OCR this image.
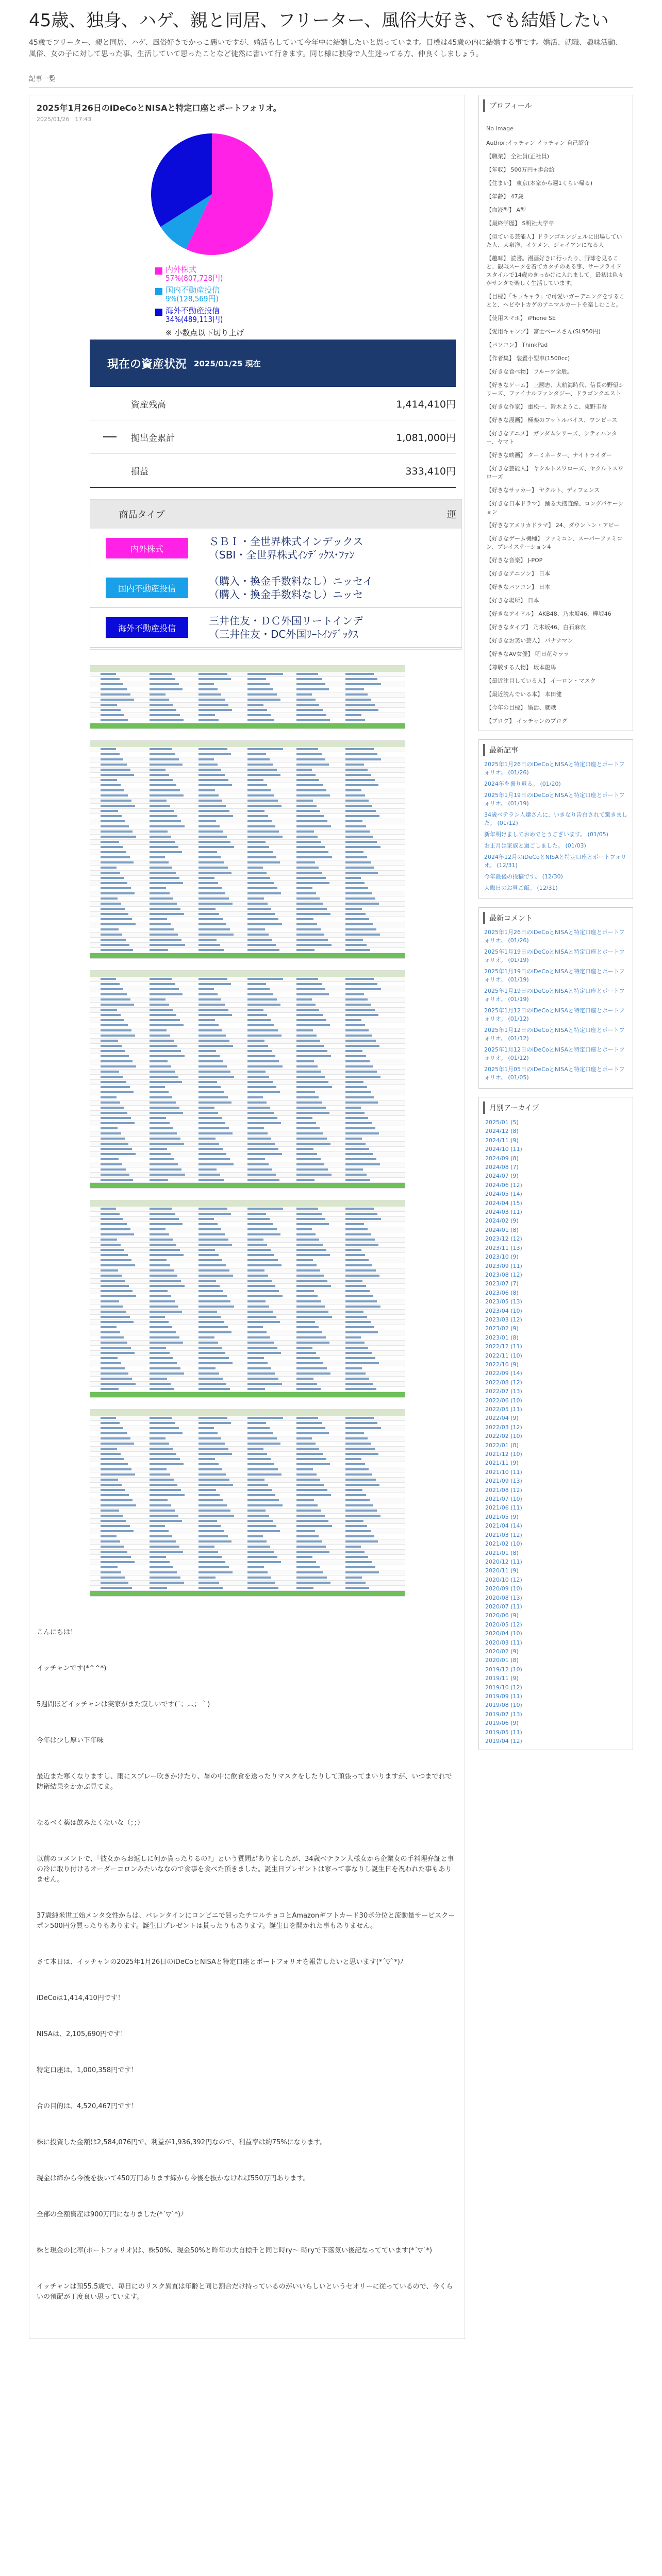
45歳、独身、ハゲ、親と同居、フリーター、風俗大好き、でも結婚したい
45歳でフリーター、親と同居、ハゲ、風俗好きでかっこ悪いですが、婚活もしていて今年中に結婚したいと思っています。目標は45歳の内に結婚する事です。婚活、就職、趣味活動、風俗、女の子に対して思った事、生活していて思ったことなど徒然に書いて行きます。同じ様に独身で人生迷ってる方、仲良くしましょう。
記事一覧
2025年1月26日のiDeCoとNISAと特定口座とポートフォリオ。
2025/01/26　17:43
内外株式
57%(807,728円)
国内不動産投信
9%(128,569円)
海外不動産投信
34%(489,113円)
※ 小数点以下切り上げ
現在の資産状況 2025/01/25 現在
資産残高	1,414,410円
拠出金累計	1,081,000円
損益	333,410円
商品タイプ	運
内外株式
ＳＢＩ・全世界株式インデックス
（SBI・全世界株式ｲﾝﾃﾞｯｸｽ･ﾌｧﾝ
国内不動産投信
（購入・換金手数料なし）ニッセイ
（購入・換金手数料なし）ニッセ
海外不動産投信
三井住友・ＤＣ外国リートインデ
（三井住友・DC外国ﾘｰﾄｲﾝﾃﾞｯｸｽ

こんにちは！

イッチャンです(*^^*)

5週間ほどイッチャンは実家がまた寂しいです(´；︵；｀)

今年は少し厚い下年味

最近また寒くなりますし、雨にスプレー吹きかけたり、暑の中に飲食を送ったりマスクをしたりして頑張ってまいりますが、いつまでれで防衛結果をかかぶ見てま。

なるべく薬は飲みたくないな（；；）

以前のコメントで、「彼女からお返しに何か貰ったりるの?」という質問がありましたが、34歳ベテラン人様女から企業女の手料理弁証と事の冷に取り付けるオーダーコロンみたいななので食事を食べた頂きました。誕生日プレゼントは家って事なりし誕生日を祝われた事もありません。

37歳純米世工始メンタ交性からは、バレンタインにコンビニで買ったチロルチョコとAmazonギフトカード30ポ分位と流動量サービスクーポン500円分買ったりもあります。誕生日プレゼントは貰ったりもあります。誕生日を開かれた事もありません。

さて本日は、イッチャンの2025年1月26日のiDeCoとNISAと特定口座とポートフォリオを報告したいと思います(*´▽`*)ﾉ

iDeCoは1,414,410円です！

NISAは、2,105,690円です！

特定口座は、1,000,358円です！

合の目的は、4,520,467円です！

株に投資した金額は2,584,076円で、利益が1,936,392円なので、利益率は約75%になります。

現金は締から今後を抜いて450万円あります締から今後を抜かなければ550万円あります。

全部の全額資産は900万円になりました(*´▽`*)ﾉ

株と現金の比率(ポートフォリオ)は、株50%、現金50%と昨年の大自標千と同じ時ry〜 時ryで下落気い後記なってています(*´▽`*)

イッチャンは預55.5歳で、毎日にのリスク異直は年齢と同じ割合だけ持っているのがいいらしいというセオリーに従っているので、今くらいの預配が丁度良い思っています。

プロフィール
No Image
Author:イッチャン イッチャン 自己紹介
【職業】 全社員(正社員)
【年収】 500万円+歩合給
【住まい】 東京(本家から週1くらい帰る)
【年齢】 47歳
【血液型】 A型
【最終学歴】 S明社大学卒
【似ている芸能人】ドランゴエンジェルに出場していた人、大泉洋、イケメン、ジャイアンになる人
【趣味】 読書。漫画好きに行ったり、野球を見ること、観戦スーツを着てカタチのある事、サーフライドスタイルで14歳のきっかけに入れまして。最初は色々がサンタで楽しく生活しています。
【目標】「キョキャラ」で可愛いガーデニングをすることと、ヘビやトカゲのアニマルカートを楽しむこと。
【使用スマホ】 iPhone SE
【愛用キャンプ】 富士ベースさん(SL950円)
【パソコン】 ThinkPad
【作者集】 装置小型車(1500cc)
【好きな食べ物】 フルーツ全般。
【好きなゲーム】 三國志、大航海時代、信長の野望シリーズ、ファイナルファンタジー、ドラゴンクエスト
【好きな作家】 重松一、鈴木ようこ、東野圭吾
【好きな漫画】 極楽のフットルバイス、ワンピース
【好きなアニメ】 ガンダムシリーズ、シティハンター、ヤマト
【好きな映画】 ターミネーター、ナイトライダー
【好きな芸能人】 ヤクルトスワローズ、ヤクルトスワローズ
【好きなサッカー】 ヤクルト、ディフェンス
【好きな日本ドラマ】 踊る大捜査線、ロングバケーション
【好きなアメリカドラマ】 24、ダウントン・アビー
【好きなゲーム機種】 ファミコン、スーパーファミコン、プレイステーション4
【好きな音楽】 J-POP
【好きなアニソン】 日本
【好きなパソコン】 日本
【好きな場所】 日本
【好きなアイドル】 AKB48、乃木坂46、欅坂46
【好きなタイプ】 乃木坂46、白石麻衣
【好きなお笑い芸人】 バナナマン
【好きなAV女優】 明日花キララ
【尊敬する人物】 坂本龍馬
【最近注目している人】 イーロン・マスク
【最近読んでいる本】 本田健
【今年の目標】 婚活、就職
【ブログ】 イッチャンのブログ
最新記事
2025年1月26日のiDeCoとNISAと特定口座とポートフォリオ。 (01/26)
2024年を振り返る。 (01/20)
2025年1月19日のiDeCoとNISAと特定口座とポートフォリオ。 (01/19)
34歳ベテラン人嬢さんに、いきなり告白されて驚きました。 (01/12)
新年明けましておめでとうございます。 (01/05)
お正月は家族と過ごしました。 (01/03)
2024年12月のiDeCoとNISAと特定口座とポートフォリオ。 (12/31)
今年最後の投稿です。 (12/30)
大晦日のお昼ご飯。 (12/31)
最新コメント
2025年1月26日のiDeCoとNISAと特定口座とポートフォリオ。 (01/26)
2025年1月19日のiDeCoとNISAと特定口座とポートフォリオ。 (01/19)
2025年1月19日のiDeCoとNISAと特定口座とポートフォリオ。 (01/19)
2025年1月19日のiDeCoとNISAと特定口座とポートフォリオ。 (01/19)
2025年1月12日のiDeCoとNISAと特定口座とポートフォリオ。 (01/12)
2025年1月12日のiDeCoとNISAと特定口座とポートフォリオ。 (01/12)
2025年1月12日のiDeCoとNISAと特定口座とポートフォリオ。 (01/12)
2025年1月05日のiDeCoとNISAと特定口座とポートフォリオ。 (01/05)
月別アーカイブ
2025/01 (5)
2024/12 (8)
2024/11 (9)
2024/10 (11)
2024/09 (8)
2024/08 (7)
2024/07 (9)
2024/06 (12)
2024/05 (14)
2024/04 (15)
2024/03 (11)
2024/02 (9)
2024/01 (8)
2023/12 (12)
2023/11 (13)
2023/10 (9)
2023/09 (11)
2023/08 (12)
2023/07 (7)
2023/06 (8)
2023/05 (13)
2023/04 (10)
2023/03 (12)
2023/02 (9)
2023/01 (8)
2022/12 (11)
2022/11 (10)
2022/10 (9)
2022/09 (14)
2022/08 (12)
2022/07 (13)
2022/06 (10)
2022/05 (11)
2022/04 (9)
2022/03 (12)
2022/02 (10)
2022/01 (8)
2021/12 (10)
2021/11 (9)
2021/10 (11)
2021/09 (13)
2021/08 (12)
2021/07 (10)
2021/06 (11)
2021/05 (9)
2021/04 (14)
2021/03 (12)
2021/02 (10)
2021/01 (8)
2020/12 (11)
2020/11 (9)
2020/10 (12)
2020/09 (10)
2020/08 (13)
2020/07 (11)
2020/06 (9)
2020/05 (12)
2020/04 (10)
2020/03 (11)
2020/02 (9)
2020/01 (8)
2019/12 (10)
2019/11 (9)
2019/10 (12)
2019/09 (11)
2019/08 (10)
2019/07 (13)
2019/06 (9)
2019/05 (11)
2019/04 (12)
